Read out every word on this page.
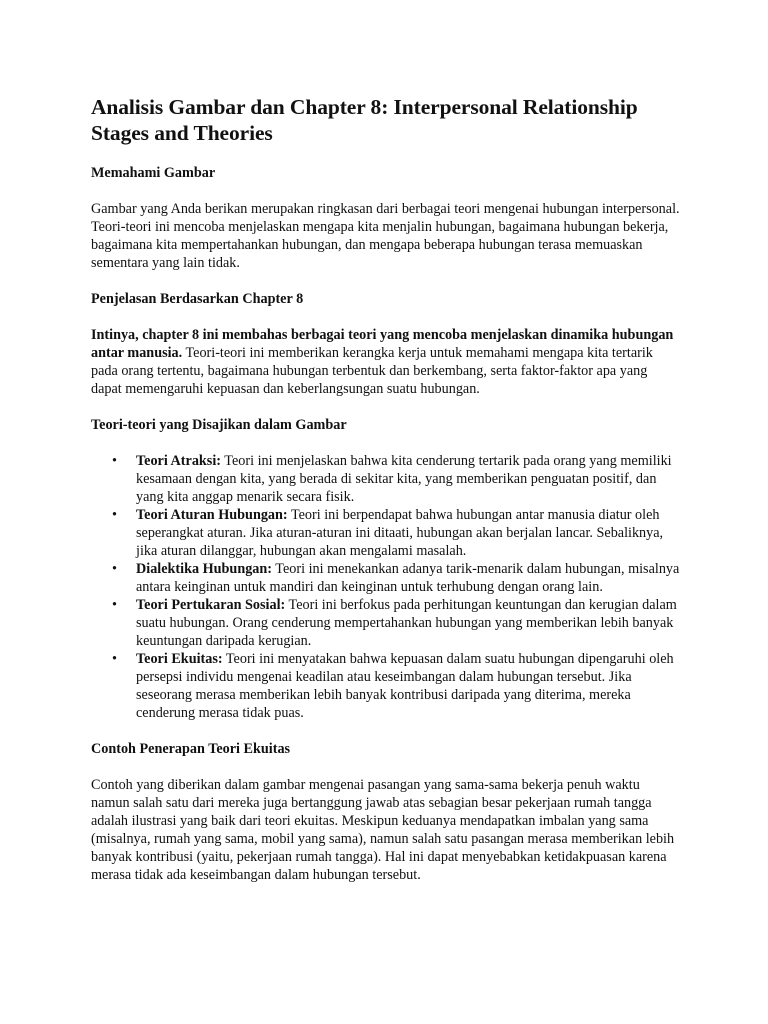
Analisis Gambar dan Chapter 8: Interpersonal Relationship Stages and Theories
Memahami Gambar

Gambar yang Anda berikan merupakan ringkasan dari berbagai teori mengenai hubungan interpersonal. Teori-teori ini mencoba menjelaskan mengapa kita menjalin hubungan, bagaimana hubungan bekerja, bagaimana kita mempertahankan hubungan, dan mengapa beberapa hubungan terasa memuaskan sementara yang lain tidak.

Penjelasan Berdasarkan Chapter 8

Intinya, chapter 8 ini membahas berbagai teori yang mencoba menjelaskan dinamika hubungan antar manusia. Teori-teori ini memberikan kerangka kerja untuk memahami mengapa kita tertarik pada orang tertentu, bagaimana hubungan terbentuk dan berkembang, serta faktor-faktor apa yang dapat memengaruhi kepuasan dan keberlangsungan suatu hubungan.

Teori-teori yang Disajikan dalam Gambar
• Teori Atraksi: Teori ini menjelaskan bahwa kita cenderung tertarik pada orang yang memiliki kesamaan dengan kita, yang berada di sekitar kita, yang memberikan penguatan positif, dan yang kita anggap menarik secara fisik.
• Teori Aturan Hubungan: Teori ini berpendapat bahwa hubungan antar manusia diatur oleh seperangkat aturan. Jika aturan-aturan ini ditaati, hubungan akan berjalan lancar. Sebaliknya, jika aturan dilanggar, hubungan akan mengalami masalah.
• Dialektika Hubungan: Teori ini menekankan adanya tarik-menarik dalam hubungan, misalnya antara keinginan untuk mandiri dan keinginan untuk terhubung dengan orang lain.
• Teori Pertukaran Sosial: Teori ini berfokus pada perhitungan keuntungan dan kerugian dalam suatu hubungan. Orang cenderung mempertahankan hubungan yang memberikan lebih banyak keuntungan daripada kerugian.
• Teori Ekuitas: Teori ini menyatakan bahwa kepuasan dalam suatu hubungan dipengaruhi oleh persepsi individu mengenai keadilan atau keseimbangan dalam hubungan tersebut. Jika seseorang merasa memberikan lebih banyak kontribusi daripada yang diterima, mereka cenderung merasa tidak puas.
Contoh Penerapan Teori Ekuitas

Contoh yang diberikan dalam gambar mengenai pasangan yang sama-sama bekerja penuh waktu namun salah satu dari mereka juga bertanggung jawab atas sebagian besar pekerjaan rumah tangga adalah ilustrasi yang baik dari teori ekuitas. Meskipun keduanya mendapatkan imbalan yang sama (misalnya, rumah yang sama, mobil yang sama), namun salah satu pasangan merasa memberikan lebih banyak kontribusi (yaitu, pekerjaan rumah tangga). Hal ini dapat menyebabkan ketidakpuasan karena merasa tidak ada keseimbangan dalam hubungan tersebut.
